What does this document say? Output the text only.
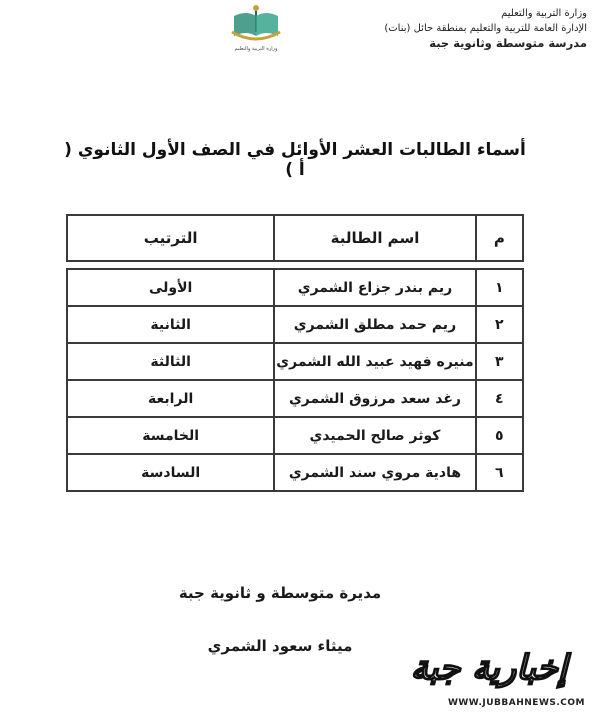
وزارة التربية والتعليم
الإدارة العامة للتربية والتعليم بمنطقة حائل (بنات)
مدرسة متوسطة وثانوية جبة
وزارة التربية والتعليم
أسماء الطالبات العشر الأوائل في الصف الأول الثانوي ( أ )
م	اسم الطالبة	الترتيب

١	ريم بندر جزاع الشمري	الأولى
٢	ريم حمد مطلق الشمري	الثانية
٣	منيره فهيد عبيد الله الشمري	الثالثة
٤	رغد سعد مرزوق الشمري	الرابعة
٥	كوثر صالح الحميدي	الخامسة
٦	هادية مروي سند الشمري	السادسة
مديرة متوسطة و ثانوية جبة
ميثاء سعود الشمري
إخبارية جبة
WWW.JUBBAHNEWS.COM
